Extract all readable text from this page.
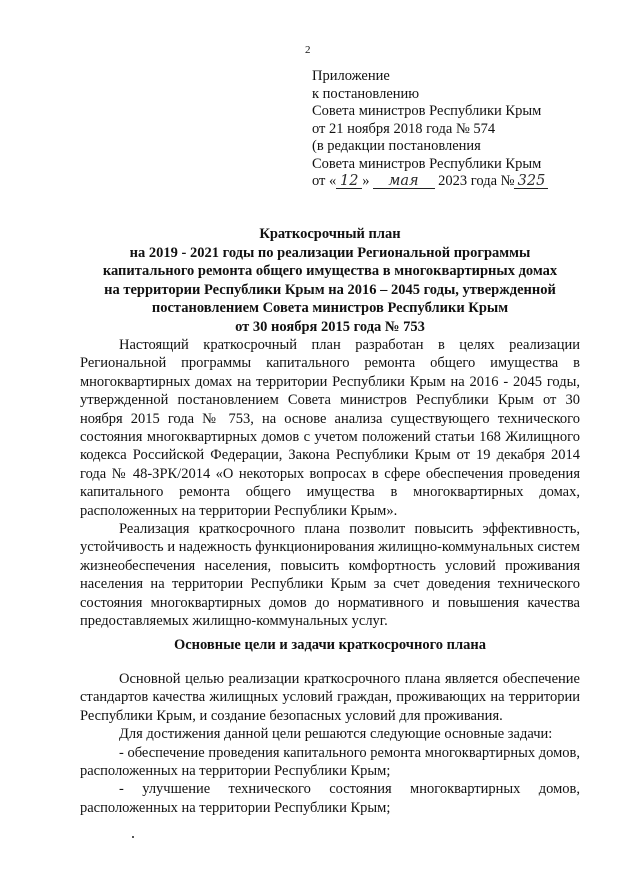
2
Приложение
к постановлению
Совета министров Республики Крым
от 21 ноября 2018 года № 574
(в редакции постановления
Совета министров Республики Крым
от « 12 » мая 2023 года № 325
Краткосрочный план
на 2019 - 2021 годы по реализации Региональной программы
капитального ремонта общего имущества в многоквартирных домах
на территории Республики Крым на 2016 – 2045 годы, утвержденной
постановлением Совета министров Республики Крым
от 30 ноября 2015 года № 753

Настоящий краткосрочный план разработан в целях реализации Региональной программы капитального ремонта общего имущества в многоквартирных домах на территории Республики Крым на 2016 - 2045 годы, утвержденной постановлением Совета министров Республики Крым от 30 ноября 2015 года № 753, на основе анализа существующего технического состояния многоквартирных домов с учетом положений статьи 168 Жилищного кодекса Российской Федерации, Закона Республики Крым от 19 декабря 2014 года № 48-ЗРК/2014 «О некоторых вопросах в сфере обеспечения проведения капитального ремонта общего имущества в многоквартирных домах, расположенных на территории Республики Крым».

Реализация краткосрочного плана позволит повысить эффективность, устойчивость и надежность функционирования жилищно-коммунальных систем жизнеобеспечения населения, повысить комфортность условий проживания населения на территории Республики Крым за счет доведения технического состояния многоквартирных домов до нормативного и повышения качества предоставляемых жилищно-коммунальных услуг.

Основные цели и задачи краткосрочного плана

Основной целью реализации краткосрочного плана является обеспечение стандартов качества жилищных условий граждан, проживающих на территории Республики Крым, и создание безопасных условий для проживания.

Для достижения данной цели решаются следующие основные задачи:

- обеспечение проведения капитального ремонта многоквартирных домов, расположенных на территории Республики Крым;

- улучшение технического состояния многоквартирных домов, расположенных на территории Республики Крым;
